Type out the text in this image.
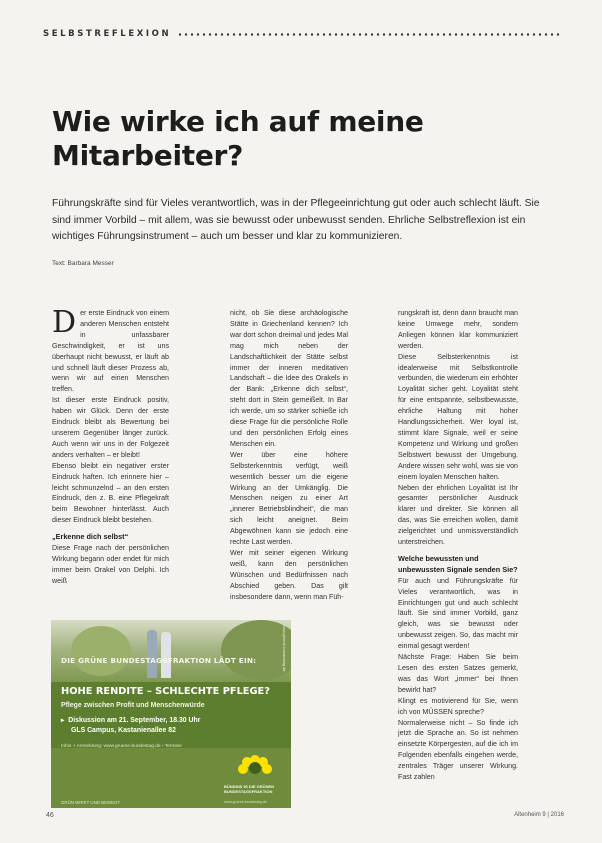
SELBSTREFLEXION
Wie wirke ich auf meine Mitarbeiter?

Führungskräfte sind für Vieles verantwortlich, was in der Pflegeeinrichtung gut oder auch schlecht läuft. Sie sind immer Vorbild – mit allem, was sie bewusst oder unbewusst senden. Ehrliche Selbstreflexion ist ein wichtiges Führungsinstrument – auch um besser und klar zu kommunizieren.

Text: Barbara Messer

Der erste Eindruck von einem anderen Menschen entsteht in unfassbarer Geschwindigkeit, er ist uns überhaupt nicht bewusst, er läuft ab und schnell läuft dieser Prozess ab, wenn wir auf einen Menschen treffen.

Ist dieser erste Eindruck positiv, haben wir Glück. Denn der erste Eindruck bleibt als Bewertung bei unserem Gegenüber länger zurück. Auch wenn wir uns in der Folgezeit anders verhalten – er bleibt!

Ebenso bleibt ein negativer erster Eindruck haften. Ich erinnere hier – leicht schmunzelnd – an den ersten Eindruck, den z. B. eine Pflegekraft beim Bewohner hinterlässt. Auch dieser Eindruck bleibt bestehen.

„Erkenne dich selbst“

Diese Frage nach der persönlichen Wirkung begann oder endet für mich immer beim Orakel von Delphi. Ich weiß

nicht, ob Sie diese archäologische Stätte in Griechenland kennen? Ich war dort schon dreimal und jedes Mal mag mich neben der Landschaftlichkeit der Stätte selbst immer der inneren meditativen Landschaft – die Idee des Orakels in der Bank: „Erkenne dich selbst“, steht dort in Stein gemeißelt. In Bar ich werde, um so stärker schieße ich diese Frage für die persönliche Rolle und den persönlichen Erfolg eines Menschen ein.

Wer über eine höhere Selbsterkenntnis verfügt, weiß wesentlich besser um die eigene Wirkung an der Umkänglig. Die Menschen neigen zu einer Art „innerer Betriebsblindheit“, die man sich leicht aneignet. Beim Abgewöhnen kann sie jedoch eine rechte Last werden.

Wer mit seiner eigenen Wirkung weiß, kann den persönlichen Wünschen und Bedürfnissen nach Abschied geben. Das gilt insbesondere dann, wenn man Füh-

rungskraft ist, denn dann braucht man keine Umwege mehr, sondern Anliegen können klar kommuniziert werden.

Diese Selbsterkenntnis ist idealerweise mit Selbstkontrolle verbunden, die wiederum ein erhöhter Loyalität sicher geht. Loyalität steht für eine entspannte, selbstbewusste, ehrliche Haltung mit hoher Handlungssicherheit. Wer loyal ist, stimmt klare Signale, weil er seine Kompetenz und Wirkung und großen Selbstwert bewusst der Umgebung. Andere wissen sehr wohl, was sie von einem loyalen Menschen halten.

Neben der ehrlichen Loyalität ist Ihr gesamter persönlicher Ausdruck klarer und direkter. Sie können all das, was Sie erreichen wollen, damit zielgerichtet und unmissverständlich unterstreichen.

Welche bewussten und unbewussten Signale senden Sie?

Für auch und Führungskräfte für Vieles verantwortlich, was in Einrichtungen gut und auch schlecht läuft. Sie sind immer Vorbild, ganz gleich, was sie bewusst oder unbewusst zeigen. So, das macht mir einmal gesagt werden!

Nächste Frage: Haben Sie beim Lesen des ersten Satzes gemerkt, was das Wort „immer“ bei Ihnen bewirkt hat?

Klingt es motivierend für Sie, wenn ich von MÜSSEN spreche?

Normalerweise nicht – So finde ich jetzt die Sprache an. So ist nehmen einsetzte Körpergesten, auf die ich im Folgenden ebenfalls eingehen werde, zentrales Träger unserer Wirkung. Fast zahlen

www.gruene-bundestag.de
DIE GRÜNE BUNDESTAGSFRAKTION LÄDT EIN:
HOHE RENDITE – SCHLECHTE PFLEGE?
Pflege zwischen Profit und Menschenwürde
▸ Diskussion am 21. September, 18.30 Uhr
GLS Campus, Kastanienallee 82
Infos + Anmeldung: www.gruene-bundestag.de › Termine
BÜNDNIS 90 DIE GRÜNEN BUNDESTAGSFRAKTION
www.gruene-bundestag.de
GRÜN WIRKT UND BEWEGT
46	Altenheim 9 | 2016
